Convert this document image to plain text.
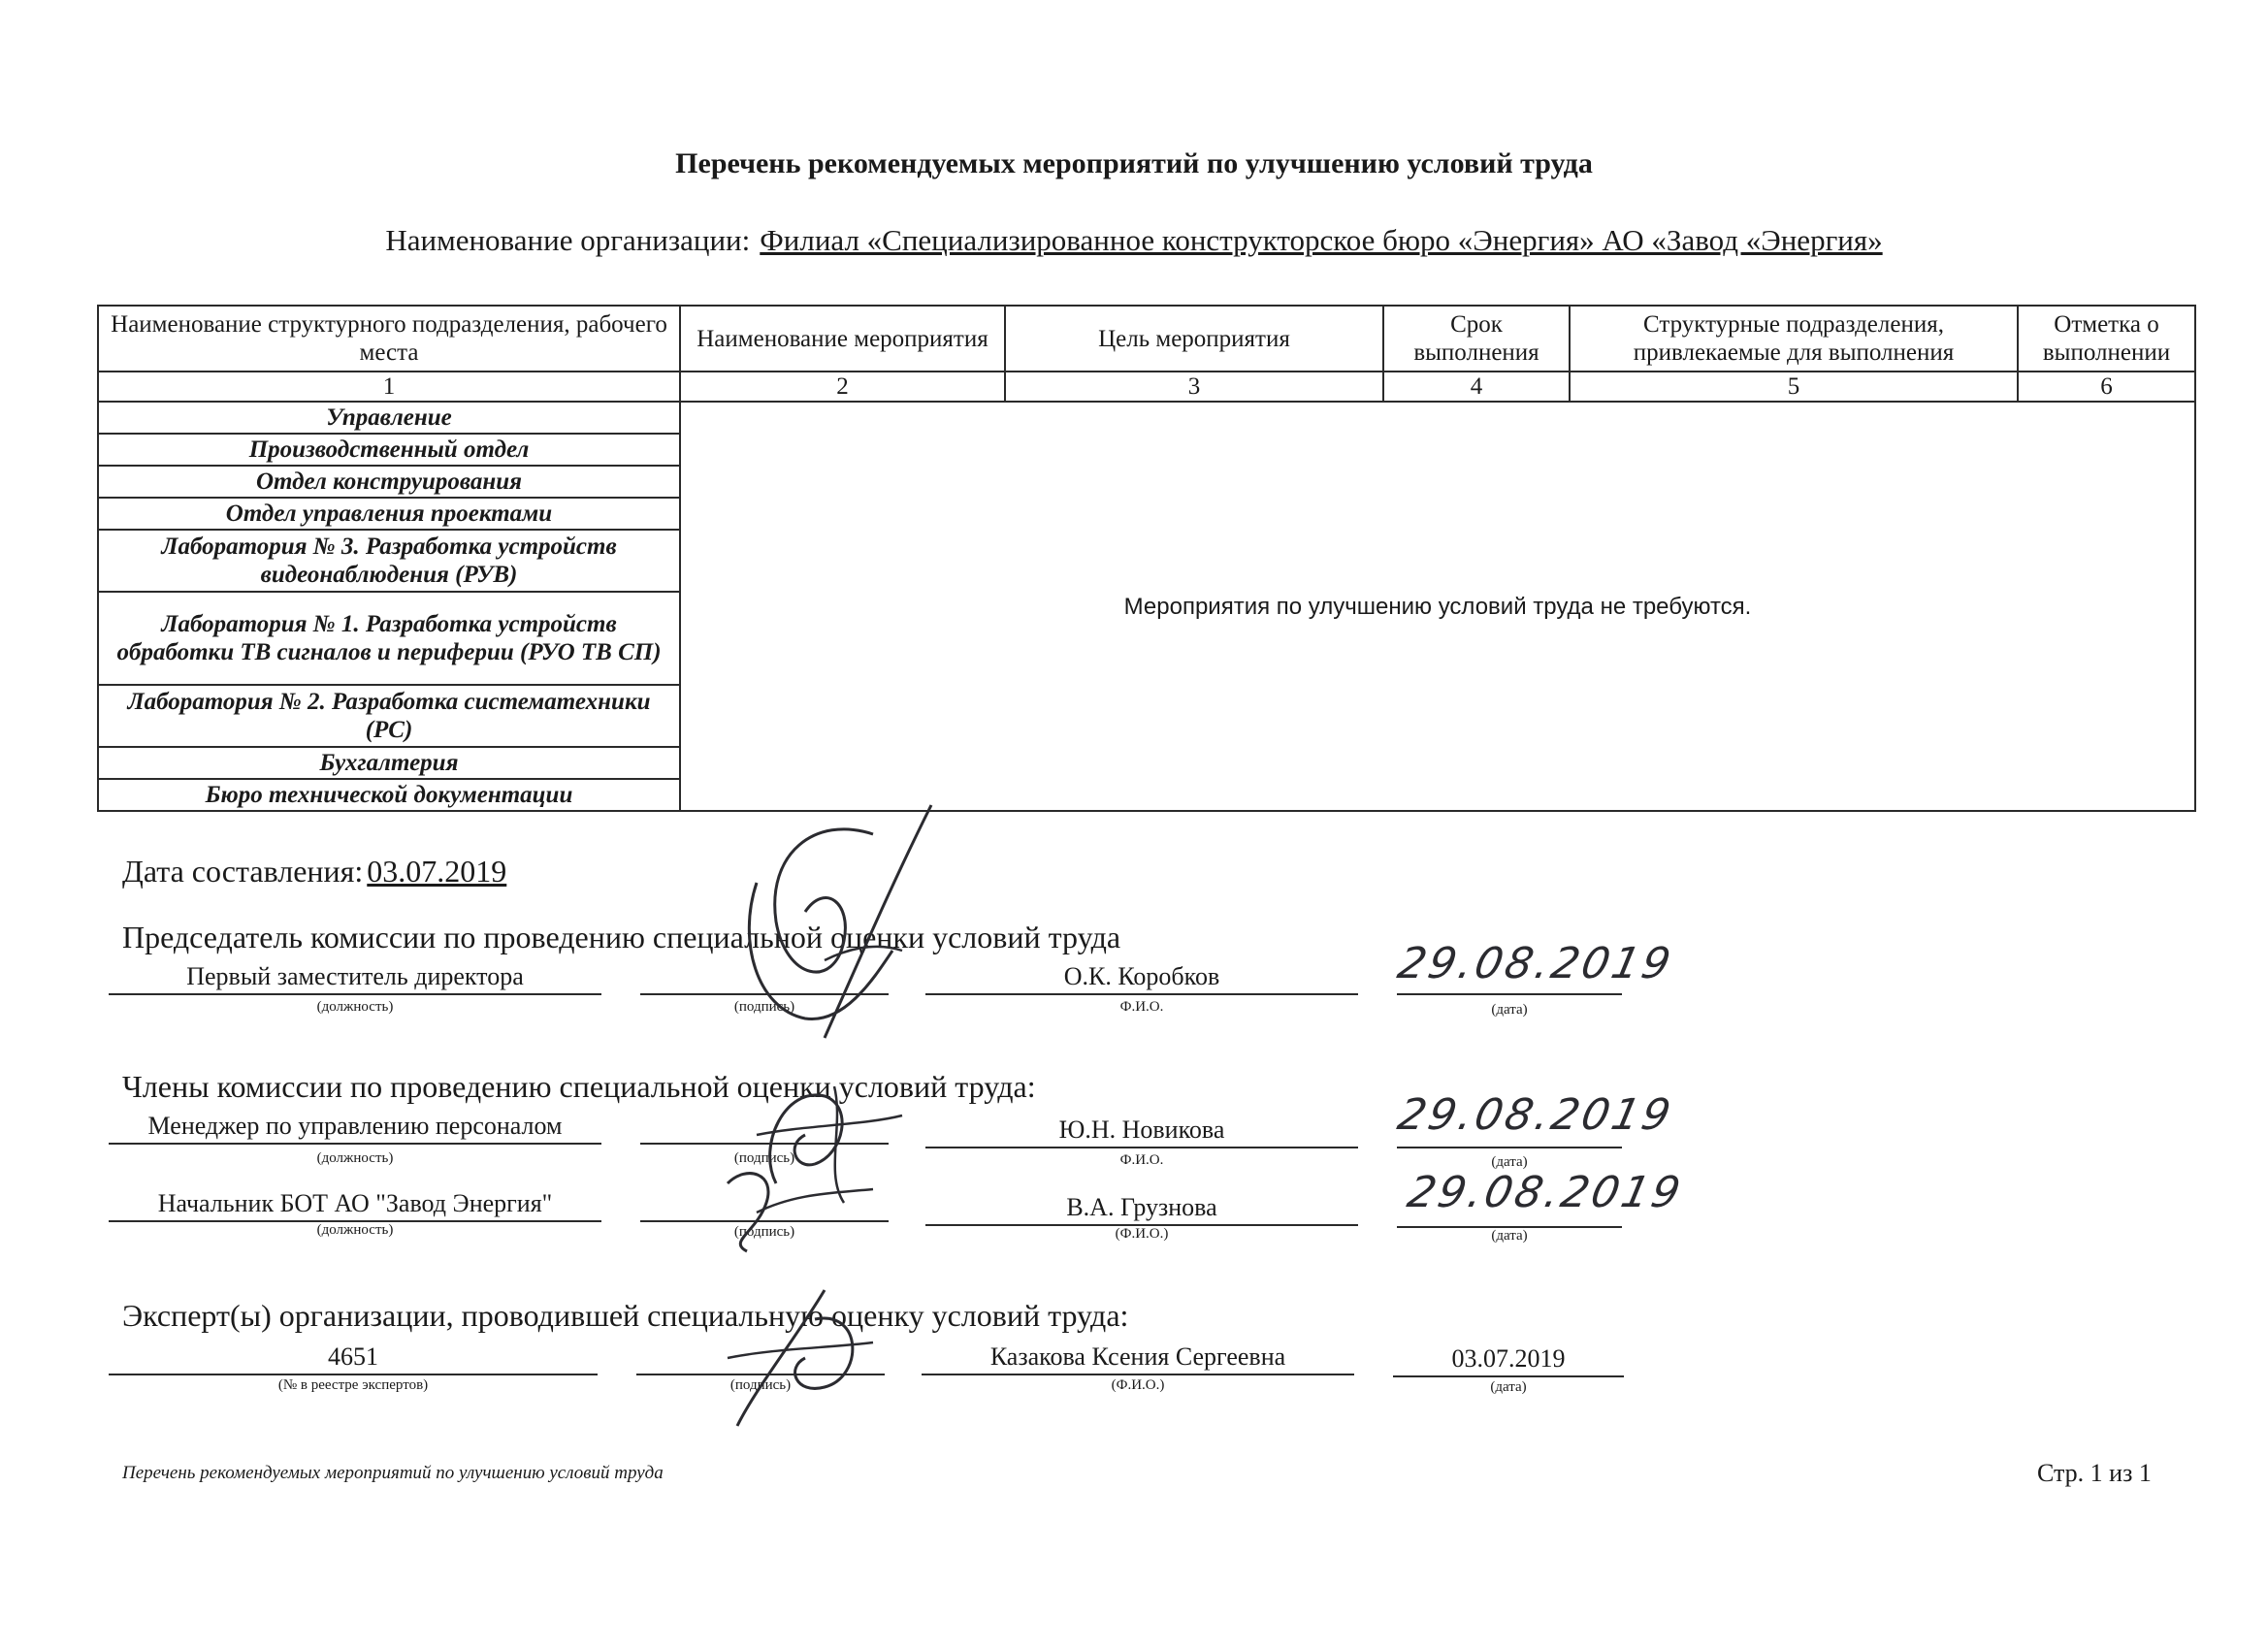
Перечень рекомендуемых мероприятий по улучшению условий труда
Наименование организации: Филиал «Специализированное конструкторское бюро «Энергия» АО «Завод «Энергия»
Наименование структурного подразделения, рабочего места	Наименование мероприятия	Цель мероприятия	Срок выполнения	Структурные подразделения, привлекаемые для выполнения	Отметка о выполнении
1	2	3	4	5	6
Управление	Мероприятия по улучшению условий труда не требуются.				
Производственный отдел					
Отдел конструирования					
Отдел управления проектами					
Лаборатория № 3. Разработка устройств видеонаблюдения (РУВ)					
Лаборатория № 1. Разработка устройств обработки ТВ сигналов и периферии (РУО ТВ СП)					
Лаборатория № 2. Разработка систематехники (РС)					
Бухгалтерия					
Бюро технической документации					
Дата составления: 03.07.2019
Председатель комиссии по проведению специальной оценки условий труда
Первый заместитель директора
(должность)	(подпись)
О.К. Коробков
Ф.И.О.
29.08.2019
(дата)
Члены комиссии по проведению специальной оценки условий труда:
Менеджер по управлению персоналом
(должность)	(подпись)
Ю.Н. Новикова
Ф.И.О.
29.08.2019
(дата)
Начальник БОТ АО "Завод Энергия"
(должность)	(подпись)
В.А. Грузнова
(Ф.И.О.)
29.08.2019
(дата)
Эксперт(ы) организации, проводившей специальную оценку условий труда:
4651
(№ в реестре экспертов)	(подпись)
Казакова Ксения Сергеевна
(Ф.И.О.)
03.07.2019
(дата)
Перечень рекомендуемых мероприятий по улучшению условий труда	Стр. 1 из 1
